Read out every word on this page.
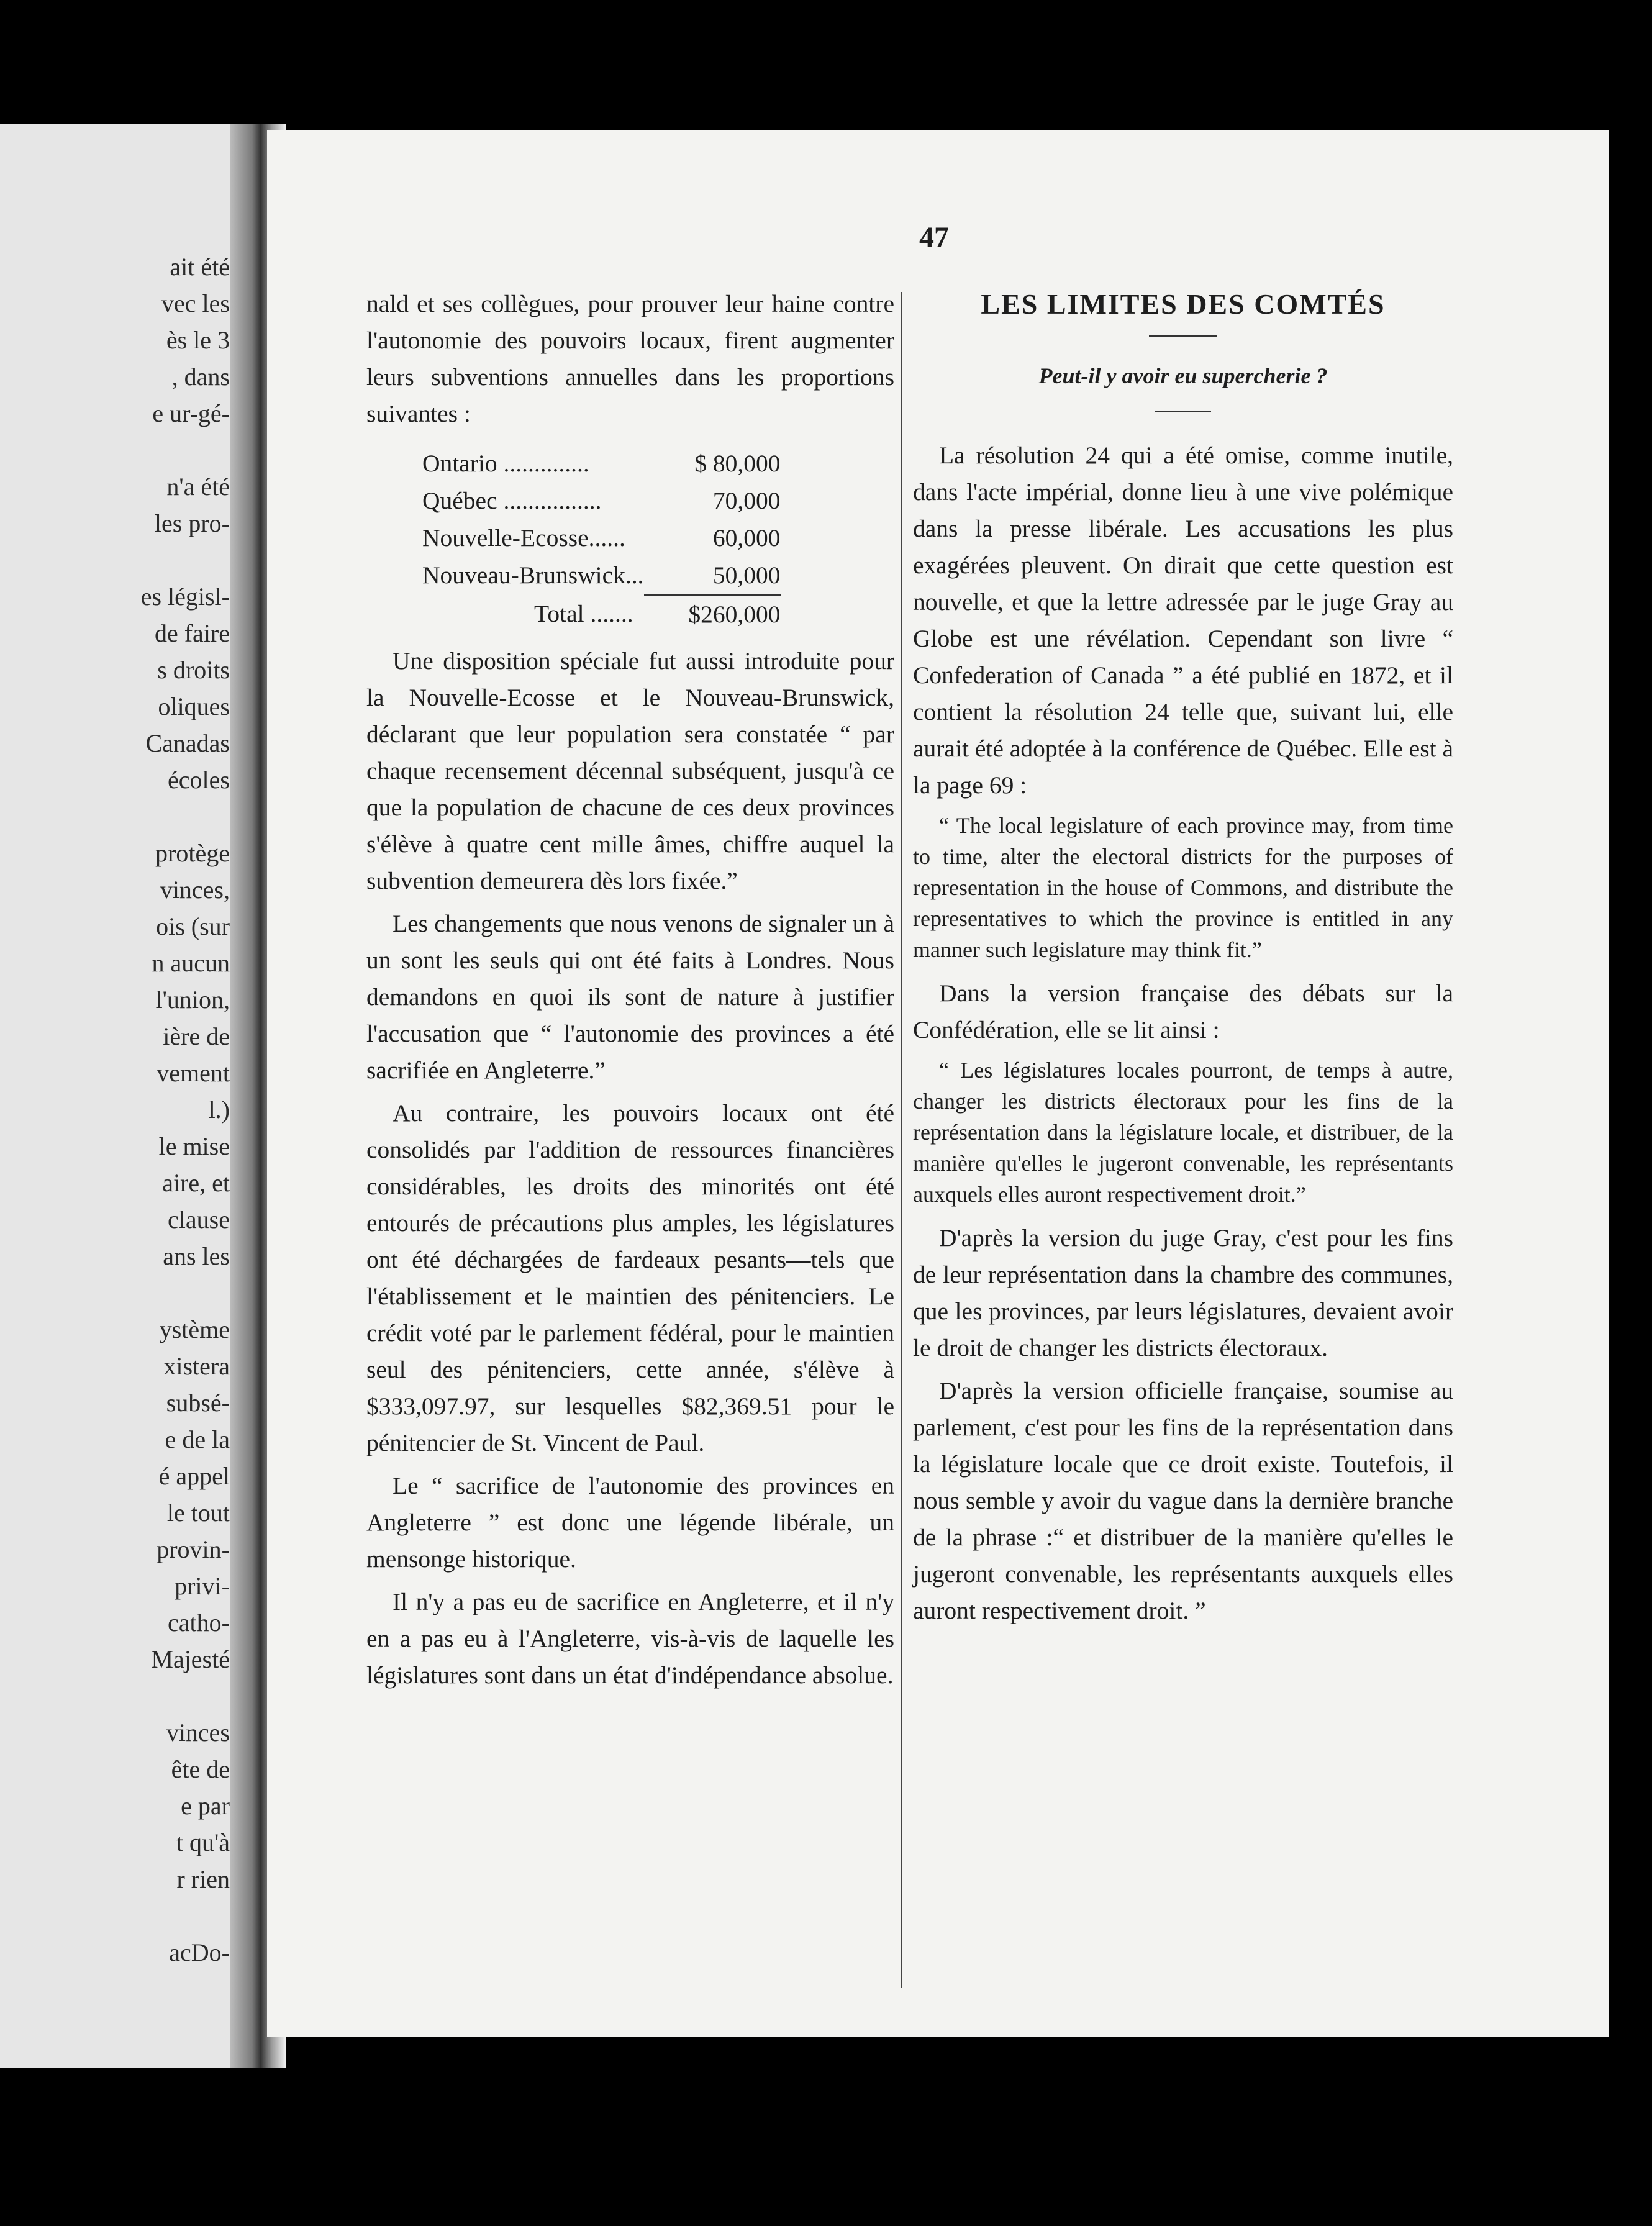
ait été
vec les
ès le 3
, dans
e ur-gé-
n'a été
les pro-
es législ-
de faire
s droits
oliques
Canadas
écoles
protège
vinces,
ois (sur
n aucun
l'union,
ière de
vement
l.)
le mise
aire, et
clause
ans les
ystème
xistera
subsé-
e de la
é appel
le tout
provin-
privi-
catho-
Majesté
vinces
ête de
e par
t qu'à
r rien
acDo-
47

nald et ses collègues, pour prouver leur haine contre l'autonomie des pouvoirs locaux, firent augmenter leurs subventions annuelles dans les proportions suivantes :

Ontario ..............	$ 80,000
Québec ................	70,000
Nouvelle-Ecosse......	60,000
Nouveau-Brunswick...	50,000
Total .......	$260,000

Une disposition spéciale fut aussi introduite pour la Nouvelle-Ecosse et le Nouveau-Brunswick, déclarant que leur population sera constatée “ par chaque recensement décennal subséquent, jusqu'à ce que la population de chacune de ces deux provinces s'élève à quatre cent mille âmes, chiffre auquel la subvention demeurera dès lors fixée.”

Les changements que nous venons de signaler un à un sont les seuls qui ont été faits à Londres. Nous demandons en quoi ils sont de nature à justifier l'accusation que “ l'autonomie des provinces a été sacrifiée en Angleterre.”

Au contraire, les pouvoirs locaux ont été consolidés par l'addition de ressources financières considérables, les droits des minorités ont été entourés de précautions plus amples, les législatures ont été déchargées de fardeaux pesants—tels que l'établissement et le maintien des pénitenciers. Le crédit voté par le parlement fédéral, pour le maintien seul des pénitenciers, cette année, s'élève à $333,097.97, sur lesquelles $82,369.51 pour le pénitencier de St. Vincent de Paul.

Le “ sacrifice de l'autonomie des provinces en Angleterre ” est donc une légende libérale, un mensonge historique.

Il n'y a pas eu de sacrifice en Angleterre, et il n'y en a pas eu à l'Angleterre, vis-à-vis de laquelle les législatures sont dans un état d'indépendance absolue.

LES LIMITES DES COMTÉS
Peut-il y avoir eu supercherie ?

La résolution 24 qui a été omise, comme inutile, dans l'acte impérial, donne lieu à une vive polémique dans la presse libérale. Les accusations les plus exagérées pleuvent. On dirait que cette question est nouvelle, et que la lettre adressée par le juge Gray au Globe est une révélation. Cependant son livre “ Confederation of Canada ” a été publié en 1872, et il contient la résolution 24 telle que, suivant lui, elle aurait été adoptée à la conférence de Québec. Elle est à la page 69 :

“ The local legislature of each province may, from time to time, alter the electoral districts for the purposes of representation in the house of Commons, and distribute the representatives to which the province is entitled in any manner such legislature may think fit.”

Dans la version française des débats sur la Confédération, elle se lit ainsi :

“ Les législatures locales pourront, de temps à autre, changer les districts électoraux pour les fins de la représentation dans la législature locale, et distribuer, de la manière qu'elles le jugeront convenable, les représentants auxquels elles auront respectivement droit.”

D'après la version du juge Gray, c'est pour les fins de leur représentation dans la chambre des communes, que les provinces, par leurs législatures, devaient avoir le droit de changer les districts électoraux.

D'après la version officielle française, soumise au parlement, c'est pour les fins de la représentation dans la législature locale que ce droit existe. Toutefois, il nous semble y avoir du vague dans la dernière branche de la phrase :“ et distribuer de la manière qu'elles le jugeront convenable, les représentants auxquels elles auront respectivement droit. ”
